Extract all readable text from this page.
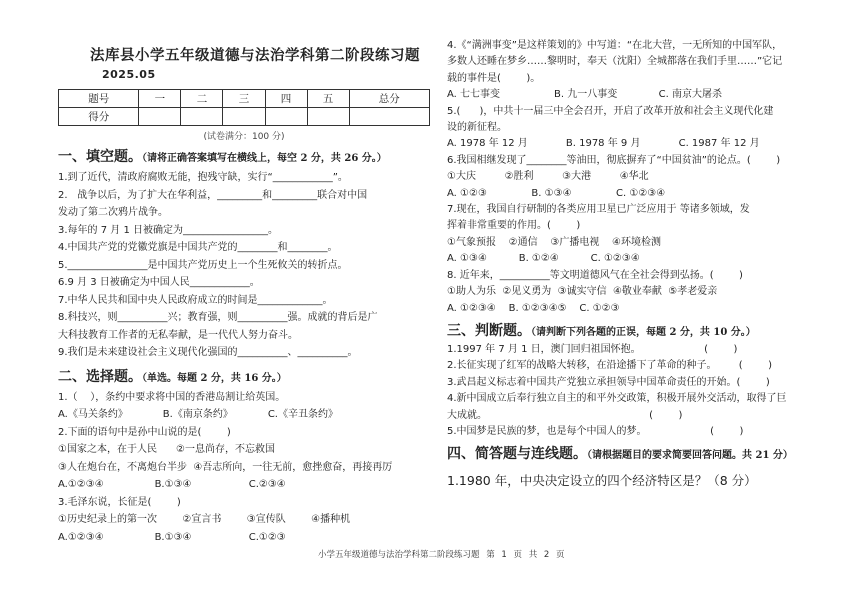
法库县小学五年级道德与法治学科第二阶段练习题2025.05
题号	一	二	三	四	五	总分
得分						
(试卷满分：100 分)
一、填空题。（请将正确答案填写在横线上，每空 2 分，共 26 分。）
1.到了近代，清政府腐败无能，抱残守缺，实行“____________”。
2.   战争以后，为了扩大在华利益，_________和_________联合对中国
发动了第二次鸦片战争。
3.每年的 7 月 1 日被确定为_________________。
4.中国共产党的党徽党旗是中国共产党的________和________。
5.________________是中国共产党历史上一个生死攸关的转折点。
6.9 月 3 日被确定为中国人民____________。
7.中华人民共和国中央人民政府成立的时间是_____________。
8.科技兴，则__________兴；教育强，则__________强。成就的背后是广
大科技教育工作者的无私奉献，是一代代人努力奋斗。
9.我们是未来建设社会主义现代化强国的__________、__________。
二、选择题。（单选。每题 2 分，共 16 分。）
1.（    ），条约中要求将中国的香港岛割让给英国。
A.《马关条约》           B.《南京条约》           C.《辛丑条约》
2.下面的语句中是孙中山说的是(        )
①国家之本，在于人民      ②一息尚存，不忘救国
③人在炮台在，不离炮台半步  ④吾志所向，一往无前，愈挫愈奋，再接再厉
A.①②③④                B.①③④                  C.②③④
3.毛泽东说，长征是(        )
①历史纪录上的第一次        ②宣言书        ③宣传队        ④播种机
A.①②③④                B.①③④                  C.①②③
4.《“满洲事变”是这样策划的》中写道：“在北大营，一无所知的中国军队，
多数人还睡在梦乡……黎明时，奉天（沈阳）全城都落在我们手里……”它记
载的事件是(        )。
A. 七七事变                 B. 九一八事变             C. 南京大屠杀
5.(      )，中共十一届三中全会召开，开启了改革开放和社会主义现代化建
设的新征程。
A. 1978 年 12 月            B. 1978 年 9 月            C. 1987 年 12 月
6.我国相继发现了________等油田，彻底摒弃了“中国贫油”的论点。(        )
①大庆         ②胜利         ③大港         ④华北
A. ①②③              B. ①③④              C. ①②③④
7.现在，我国自行研制的各类应用卫星已广泛应用于 等诸多领域，发
挥着非常重要的作用。(        )
①气象预报    ②通信    ③广播电视    ④环境检测
A. ①③④          B. ①②④          C. ①②③④
8. 近年来，__________等文明道德风气在全社会得到弘扬。(        )
①助人为乐  ②见义勇为  ③诚实守信  ④敬业奉献  ⑤孝老爱亲
A. ①②③④    B. ①②③④⑤    C. ①②③
三、判断题。（请判断下列各题的正误，每题 2 分，共 10 分。）
1.1997 年 7 月 1 日，澳门回归祖国怀抱。                    (        )
2.长征实现了红军的战略大转移，在沿途播下了革命的种子。       (        )
3.武昌起义标志着中国共产党独立承担领导中国革命责任的开始。(        )
4.新中国成立后奉行独立自主的和平外交政策，积极开展外交活动，取得了巨
大成就。                                                   (        )
5.中国梦是民族的梦，也是每个中国人的梦。                    (        )
四、简答题与连线题。（请根据题目的要求简要回答问题。共 21 分）
1.1980 年，中央决定设立的四个经济特区是？（8 分）
小学五年级道德与法治学科第二阶段练习题 第 1 页 共 2 页
